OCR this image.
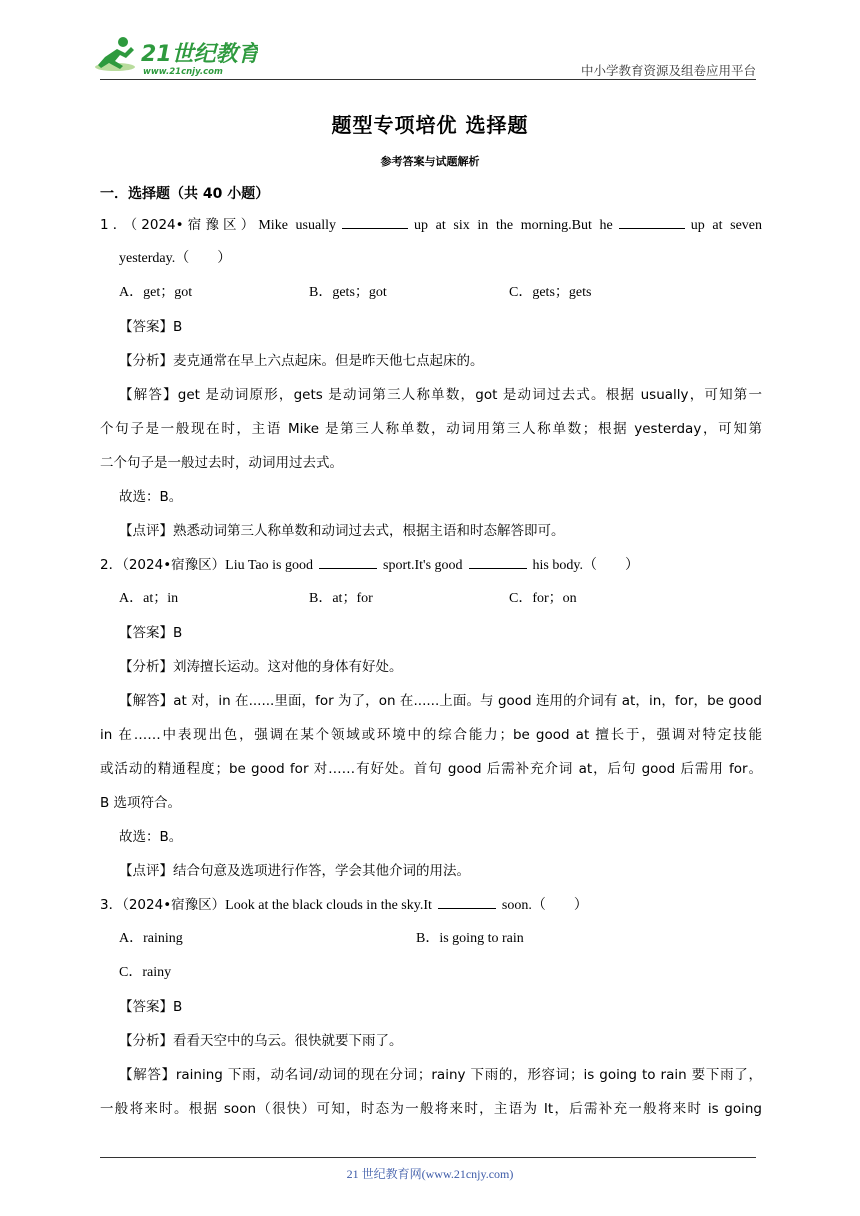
21世纪教育
www.21cnjy.com	中小学教育资源及组卷应用平台
题型专项培优 选择题
参考答案与试题解析
一．选择题（共 40 小题）
1．（2024•宿豫区）Mike usually	up at six in the morning.But he	up at seven
yesterday.（　　）
A．get；got	B．gets；got	C．gets；gets
【答案】B
【分析】麦克通常在早上六点起床。但是昨天他七点起床的。
【解答】get 是动词原形，gets 是动词第三人称单数，got 是动词过去式。根据 usually，可知第一
个句子是一般现在时，主语 Mike 是第三人称单数，动词用第三人称单数；根据 yesterday，可知第
二个句子是一般过去时，动词用过去式。
故选：B。
【点评】熟悉动词第三人称单数和动词过去式，根据主语和时态解答即可。
2．（2024•宿豫区）Liu Tao is good	sport.It's good	his body.（　　）
A．at；in	B．at；for	C．for；on
【答案】B
【分析】刘涛擅长运动。这对他的身体有好处。
【解答】at 对，in 在......里面，for 为了，on 在......上面。与 good 连用的介词有 at，in，for，be good
in 在……中表现出色，强调在某个领域或环境中的综合能力；be good at 擅长于，强调对特定技能
或活动的精通程度；be good for 对……有好处。首句 good 后需补充介词 at，后句 good 后需用 for。
B 选项符合。
故选：B。
【点评】结合句意及选项进行作答，学会其他介词的用法。
3．（2024•宿豫区）Look at the black clouds in the sky.It	soon.（　　）
A．raining	B．is going to rain
C．rainy
【答案】B
【分析】看看天空中的乌云。很快就要下雨了。
【解答】raining 下雨，动名词/动词的现在分词；rainy 下雨的，形容词；is going to rain 要下雨了，
一般将来时。根据 soon（很快）可知，时态为一般将来时，主语为 It，后需补充一般将来时 is going
21 世纪教育网(www.21cnjy.com)
